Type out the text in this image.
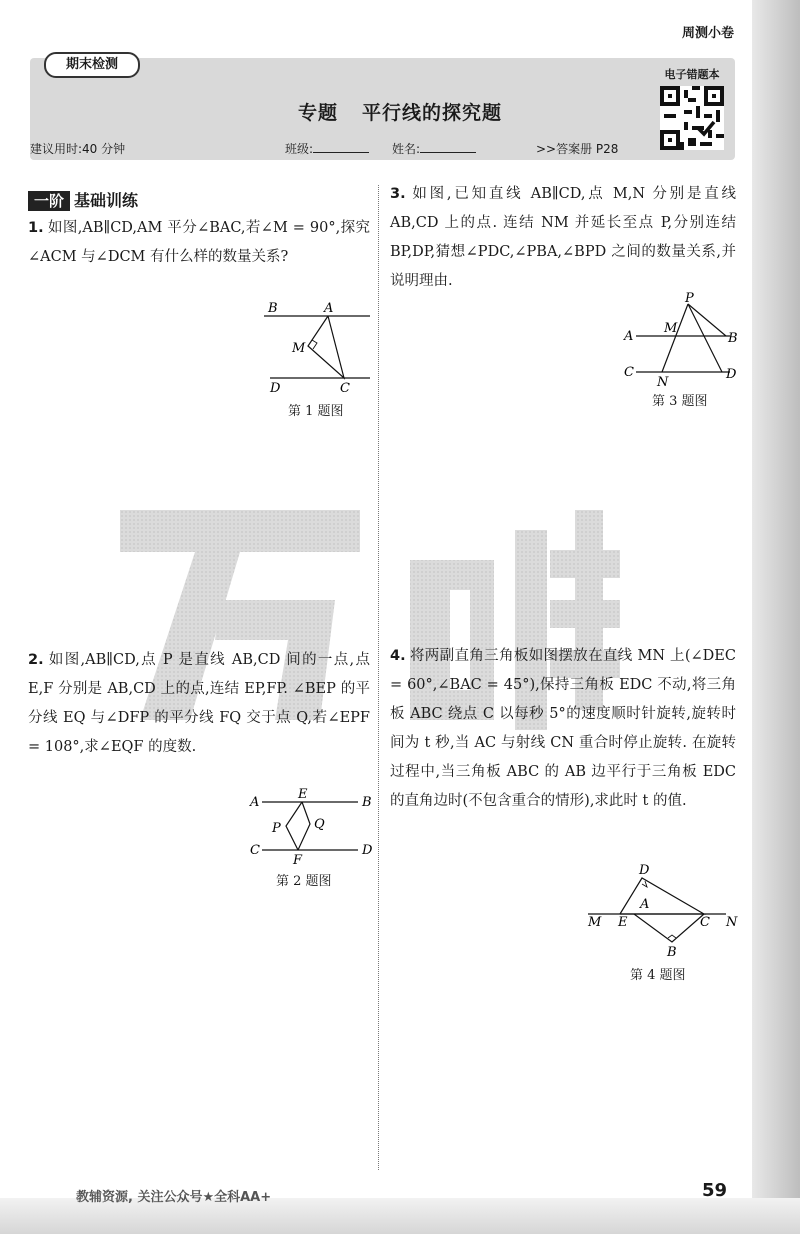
周测小卷
期末检测
专题 平行线的探究题
建议用时:40 分钟	班级:	姓名:	>>答案册 P28
电子错题本
一阶 基础训练
1. 如图,AB∥CD,AM 平分∠BAC,若∠M = 90°,探究∠ACM 与∠DCM 有什么样的数量关系?
B	A
M
D	C
第 1 题图
2. 如图,AB∥CD,点 P 是直线 AB,CD 间的一点,点 E,F 分别是 AB,CD 上的点,连结 EP,FP. ∠BEP 的平分线 EQ 与∠DFP 的平分线 FQ 交于点 Q,若∠EPF = 108°,求∠EQF 的度数.
A
E
B
P	Q
C
F
D
第 2 题图
3. 如图,已知直线 AB∥CD,点 M,N 分别是直线 AB,CD 上的点. 连结 NM 并延长至点 P,分别连结 BP,DP,猜想∠PDC,∠PBA,∠BPD 之间的数量关系,并说明理由.
P
A
M
B
C
N
D
第 3 题图
4. 将两副直角三角板如图摆放在直线 MN 上(∠DEC = 60°,∠BAC = 45°),保持三角板 EDC 不动,将三角板 ABC 绕点 C 以每秒 5°的速度顺时针旋转,旋转时间为 t 秒,当 AC 与射线 CN 重合时停止旋转. 在旋转过程中,当三角板 ABC 的 AB 边平行于三角板 EDC 的直角边时(不包含重合的情形),求此时 t 的值.
D
M E
A
C N
B
第 4 题图
教辅资源, 关注公众号★全科AA+	59
